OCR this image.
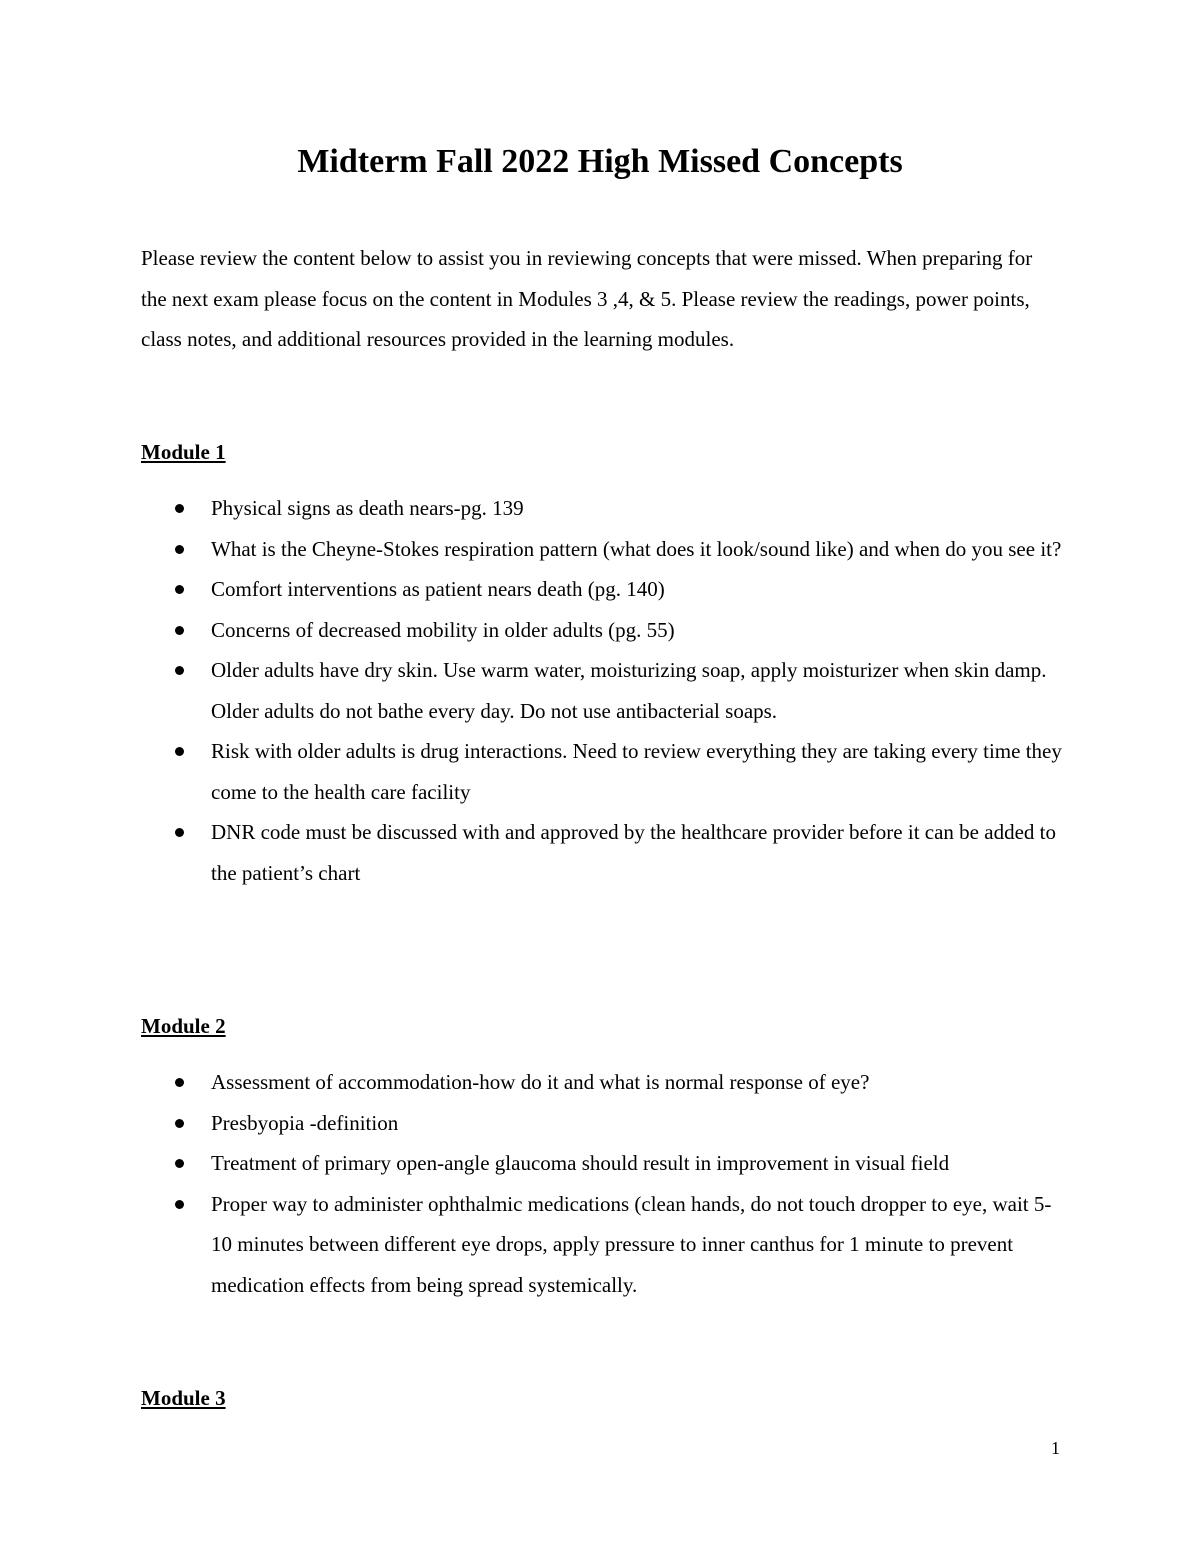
Midterm Fall 2022 High Missed Concepts

Please review the content below to assist you in reviewing concepts that were missed. When preparing for the next exam please focus on the content in Modules 3 ,4, & 5. Please review the readings, power points, class notes, and additional resources provided in the learning modules.

Module 1
Physical signs as death nears-pg. 139
What is the Cheyne-Stokes respiration pattern (what does it look/sound like) and when do you see it?
Comfort interventions as patient nears death (pg. 140)
Concerns of decreased mobility in older adults (pg. 55)
Older adults have dry skin. Use warm water, moisturizing soap, apply moisturizer when skin damp. Older adults do not bathe every day. Do not use antibacterial soaps.
Risk with older adults is drug interactions. Need to review everything they are taking every time they come to the health care facility
DNR code must be discussed with and approved by the healthcare provider before it can be added to the patient’s chart
Module 2
Assessment of accommodation-how do it and what is normal response of eye?
Presbyopia -definition
Treatment of primary open-angle glaucoma should result in improvement in visual field
Proper way to administer ophthalmic medications (clean hands, do not touch dropper to eye, wait 5-10 minutes between different eye drops, apply pressure to inner canthus for 1 minute to prevent medication effects from being spread systemically.
Module 3
1
